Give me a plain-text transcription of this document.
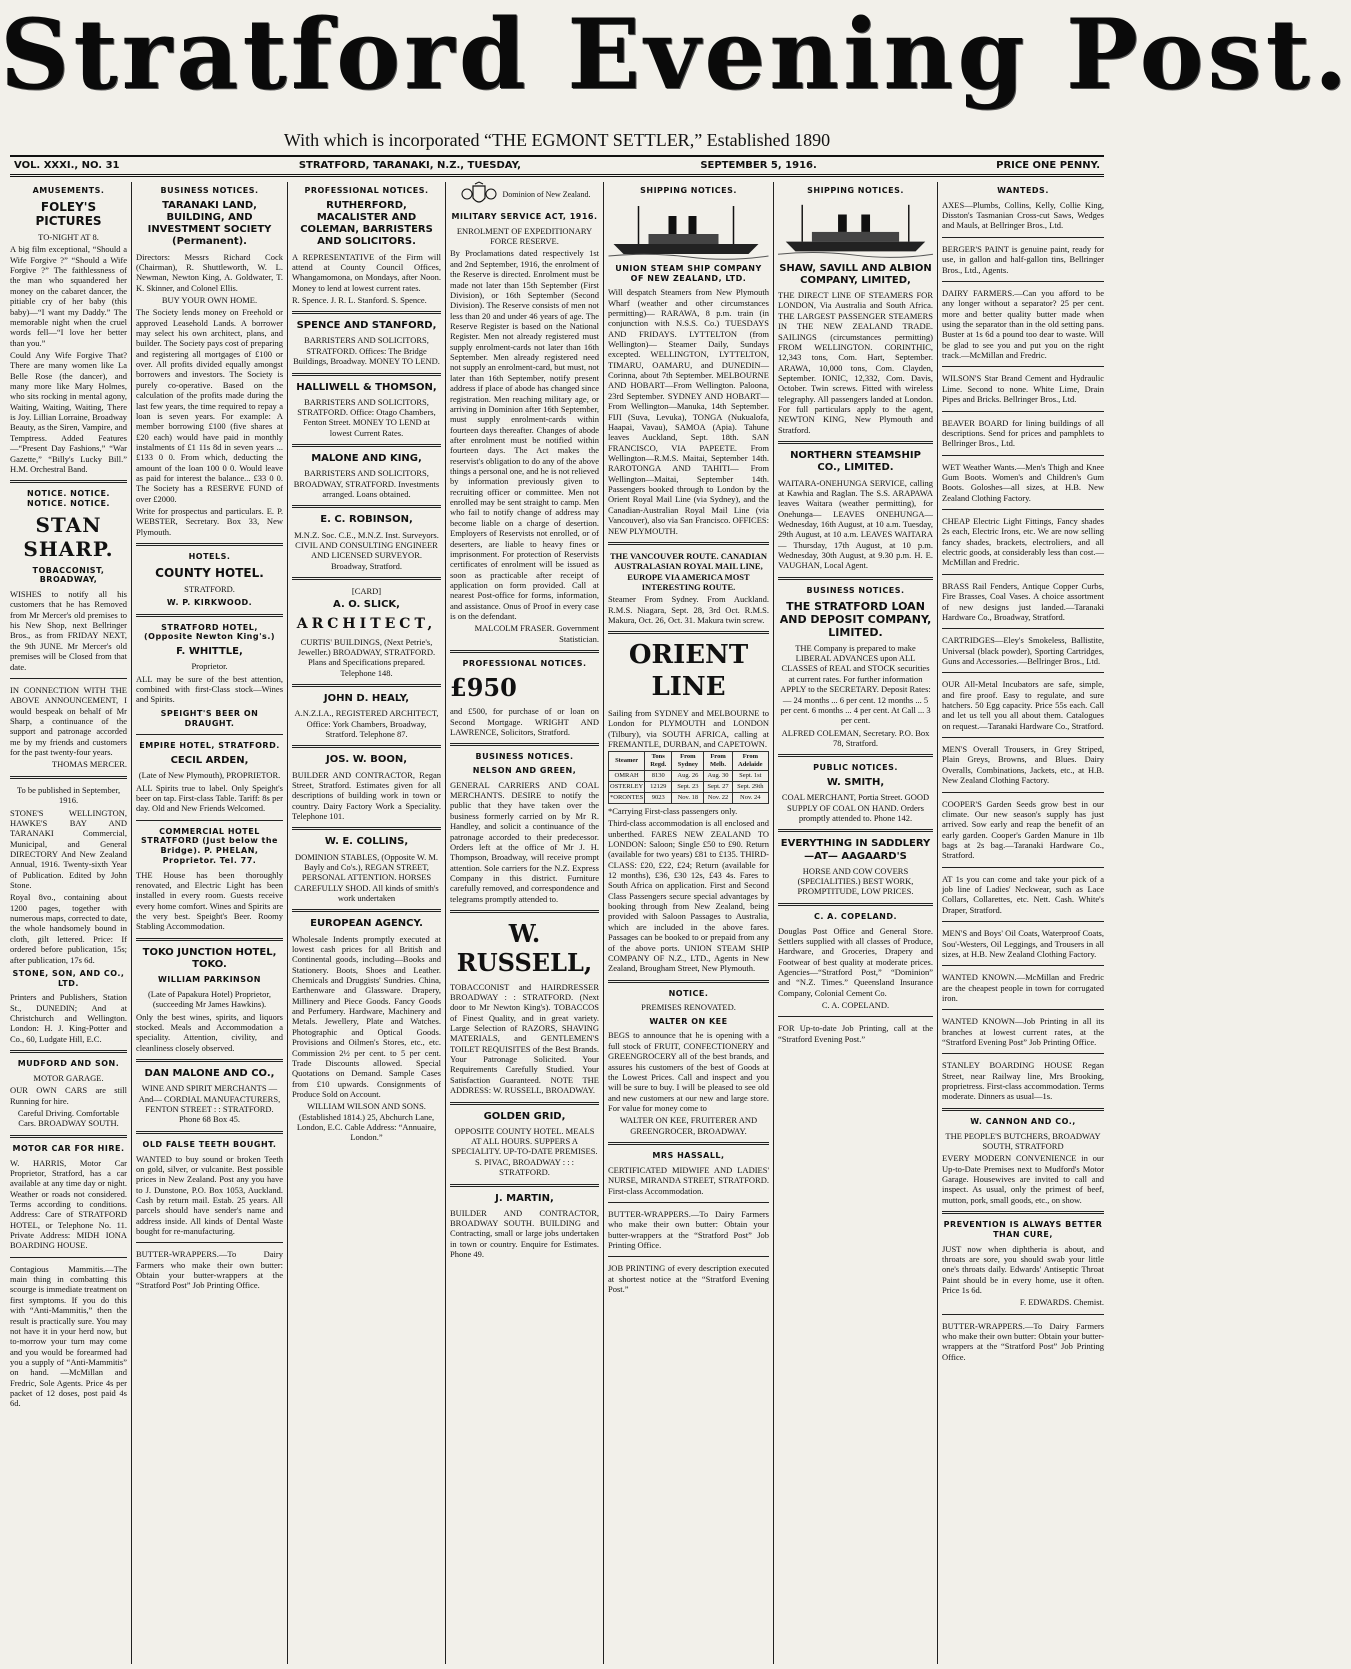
Stratford Evening Post.
With which is incorporated “THE EGMONT SETTLER,” Established 1890
VOL. XXXI., NO. 31	STRATFORD, TARANAKI, N.Z., TUESDAY,	SEPTEMBER 5, 1916.	PRICE ONE PENNY.
AMUSEMENTS.
FOLEY'S PICTURES

TO-NIGHT AT 8.

A big film exceptional, “Should a Wife Forgive ?” “Should a Wife Forgive ?” The faithlessness of the man who squandered her money on the cabaret dancer, the pitiable cry of her baby (this baby)—“I want my Daddy.” The memorable night when the cruel words fell—“I love her better than you.”

Could Any Wife Forgive That? There are many women like La Belle Rose (the dancer), and many more like Mary Holmes, who sits rocking in mental agony, Waiting, Waiting, Waiting, There is Joy. Lillian Lorraine, Broadway Beauty, as the Siren, Vampire, and Temptress. Added Features—“Present Day Fashions,” “War Gazette,” “Billy's Lucky Bill.” H.M. Orchestral Band.

NOTICE. NOTICE. NOTICE. NOTICE.
STAN SHARP.
TOBACCONIST, BROADWAY,

WISHES to notify all his customers that he has Removed from Mr Mercer's old premises to his New Shop, next Bellringer Bros., as from FRIDAY NEXT, the 9th JUNE. Mr Mercer's old premises will be Closed from that date.

IN CONNECTION WITH THE ABOVE ANNOUNCEMENT, I would bespeak on behalf of Mr Sharp, a continuance of the support and patronage accorded me by my friends and customers for the past twenty-four years.

THOMAS MERCER.

To be published in September, 1916.

STONE'S WELLINGTON, HAWKE'S BAY AND TARANAKI Commercial, Municipal, and General DIRECTORY And New Zealand Annual, 1916. Twenty-sixth Year of Publication. Edited by John Stone.

Royal 8vo., containing about 1200 pages, together with numerous maps, corrected to date, the whole handsomely bound in cloth, gilt lettered. Price: If ordered before publication, 15s; after publication, 17s 6d.

STONE, SON, AND CO., LTD.

Printers and Publishers, Station St., DUNEDIN; And at Christchurch and Wellington. London: H. J. King-Potter and Co., 60, Ludgate Hill, E.C.

MUDFORD AND SON.

MOTOR GARAGE.

OUR OWN CARS are still Running for hire.

Careful Driving. Comfortable Cars. BROADWAY SOUTH.

MOTOR CAR FOR HIRE.

W. HARRIS, Motor Car Proprietor, Stratford, has a car available at any time day or night. Weather or roads not considered. Terms according to conditions. Address: Care of STRATFORD HOTEL, or Telephone No. 11. Private Address: MIDH IONA BOARDING HOUSE.

Contagious Mammitis.—The main thing in combatting this scourge is immediate treatment on first symptoms. If you do this with “Anti-Mammitis,” then the result is practically sure. You may not have it in your herd now, but to-morrow your turn may come and you would be forearmed had you a supply of “Anti-Mammitis” on hand. —McMillan and Fredric, Sole Agents. Price 4s per packet of 12 doses, post paid 4s 6d.

BUSINESS NOTICES.
TARANAKI LAND, BUILDING, AND INVESTMENT SOCIETY (Permanent).

Directors: Messrs Richard Cock (Chairman), R. Shuttleworth, W. L. Newman, Newton King, A. Goldwater, T. K. Skinner, and Colonel Ellis.

BUY YOUR OWN HOME.

The Society lends money on Freehold or approved Leasehold Lands. A borrower may select his own architect, plans, and builder. The Society pays cost of preparing and registering all mortgages of £100 or over. All profits divided equally amongst borrowers and investors. The Society is purely co-operative. Based on the calculation of the profits made during the last few years, the time required to repay a loan is seven years. For example: A member borrowing £100 (five shares at £20 each) would have paid in monthly instalments of £1 11s 8d in seven years ... £133 0 0. From which, deducting the amount of the loan 100 0 0. Would leave as paid for interest the balance... £33 0 0. The Society has a RESERVE FUND of over £2000.

Write for prospectus and particulars. E. P. WEBSTER, Secretary. Box 33, New Plymouth.

HOTELS.
COUNTY HOTEL.

STRATFORD.

W. P. KIRKWOOD.
STRATFORD HOTEL, (Opposite Newton King's.)
F. WHITTLE,

Proprietor.

ALL may be sure of the best attention, combined with first-Class stock—Wines and Spirits.

SPEIGHT'S BEER ON DRAUGHT.
EMPIRE HOTEL, STRATFORD.
CECIL ARDEN,

(Late of New Plymouth), PROPRIETOR.

ALL Spirits true to label. Only Speight's beer on tap. First-class Table. Tariff: 8s per day. Old and New Friends Welcomed.

COMMERCIAL HOTEL STRATFORD (Just below the Bridge). P. PHELAN, Proprietor. Tel. 77.

THE House has been thoroughly renovated, and Electric Light has been installed in every room. Guests receive every home comfort. Wines and Spirits are the very best. Speight's Beer. Roomy Stabling Accommodation.

TOKO JUNCTION HOTEL, TOKO.
WILLIAM PARKINSON

(Late of Papakura Hotel) Proprietor, (succeeding Mr James Hawkins).

Only the best wines, spirits, and liquors stocked. Meals and Accommodation a speciality. Attention, civility, and cleanliness closely observed.

DAN MALONE AND CO.,

WINE AND SPIRIT MERCHANTS —And— CORDIAL MANUFACTURERS, FENTON STREET : : STRATFORD. Phone 68 Box 45.

OLD FALSE TEETH BOUGHT.

WANTED to buy sound or broken Teeth on gold, silver, or vulcanite. Best possible prices in New Zealand. Post any you have to J. Dunstone, P.O. Box 1053, Auckland. Cash by return mail. Estab. 25 years. All parcels should have sender's name and address inside. All kinds of Dental Waste bought for re-manufacturing.

BUTTER-WRAPPERS.—To Dairy Farmers who make their own butter: Obtain your butter-wrappers at the “Stratford Post” Job Printing Office.

PROFESSIONAL NOTICES.
RUTHERFORD, MACALISTER AND COLEMAN, BARRISTERS AND SOLICITORS.

A REPRESENTATIVE of the Firm will attend at County Council Offices, Whangamomona, on Mondays, after Noon. Money to lend at lowest current rates.

R. Spence. J. R. L. Stanford. S. Spence.

SPENCE AND STANFORD,

BARRISTERS AND SOLICITORS, STRATFORD. Offices: The Bridge Buildings, Broadway. MONEY TO LEND.

HALLIWELL & THOMSON,

BARRISTERS AND SOLICITORS, STRATFORD. Office: Otago Chambers, Fenton Street. MONEY TO LEND at lowest Current Rates.

MALONE AND KING,

BARRISTERS AND SOLICITORS, BROADWAY, STRATFORD. Investments arranged. Loans obtained.

E. C. ROBINSON,

M.N.Z. Soc. C.E., M.N.Z. Inst. Surveyors. CIVIL AND CONSULTING ENGINEER AND LICENSED SURVEYOR. Broadway, Stratford.

[CARD]

A. O. SLICK,
ARCHITECT,

CURTIS' BUILDINGS, (Next Petrie's, Jeweller.) BROADWAY, STRATFORD. Plans and Specifications prepared. Telephone 148.

JOHN D. HEALY,

A.N.Z.I.A., REGISTERED ARCHITECT, Office: York Chambers, Broadway, Stratford. Telephone 87.

JOS. W. BOON,

BUILDER AND CONTRACTOR, Regan Street, Stratford. Estimates given for all descriptions of building work in town or country. Dairy Factory Work a Speciality. Telephone 101.

W. E. COLLINS,

DOMINION STABLES, (Opposite W. M. Bayly and Co's.), REGAN STREET, PERSONAL ATTENTION. HORSES CAREFULLY SHOD. All kinds of smith's work undertaken

EUROPEAN AGENCY.

Wholesale Indents promptly executed at lowest cash prices for all British and Continental goods, including—Books and Stationery. Boots, Shoes and Leather. Chemicals and Druggists' Sundries. China, Earthenware and Glassware. Drapery, Millinery and Piece Goods. Fancy Goods and Perfumery. Hardware, Machinery and Metals. Jewellery, Plate and Watches. Photographic and Optical Goods. Provisions and Oilmen's Stores, etc., etc. Commission 2½ per cent. to 5 per cent. Trade Discounts allowed. Special Quotations on Demand. Sample Cases from £10 upwards. Consignments of Produce Sold on Account.

WILLIAM WILSON AND SONS. (Established 1814.) 25, Abchurch Lane, London, E.C. Cable Address: “Annuaire, London.”

Dominion of New Zealand.
MILITARY SERVICE ACT, 1916.

ENROLMENT OF EXPEDITIONARY FORCE RESERVE.

By Proclamations dated respectively 1st and 2nd September, 1916, the enrolment of the Reserve is directed. Enrolment must be made not later than 15th September (First Division), or 16th September (Second Division). The Reserve consists of men not less than 20 and under 46 years of age. The Reserve Register is based on the National Register. Men not already registered must supply enrolment-cards not later than 16th September. Men already registered need not supply an enrolment-card, but must, not later than 16th September, notify present address if place of abode has changed since registration. Men reaching military age, or arriving in Dominion after 16th September, must supply enrolment-cards within fourteen days thereafter. Changes of abode after enrolment must be notified within fourteen days. The Act makes the reservist's obligation to do any of the above things a personal one, and he is not relieved by information previously given to recruiting officer or committee. Men not enrolled may be sent straight to camp. Men who fail to notify change of address may become liable on a charge of desertion. Employers of Reservists not enrolled, or of deserters, are liable to heavy fines or imprisonment. For protection of Reservists certificates of enrolment will be issued as soon as practicable after receipt of application on form provided. Call at nearest Post-office for forms, information, and assistance. Onus of Proof in every case is on the defendant.

MALCOLM FRASER. Government Statistician.

PROFESSIONAL NOTICES.
£950

and £500, for purchase of or loan on Second Mortgage. WRIGHT AND LAWRENCE, Solicitors, Stratford.

BUSINESS NOTICES.
NELSON AND GREEN,

GENERAL CARRIERS AND COAL MERCHANTS. DESIRE to notify the public that they have taken over the business formerly carried on by Mr R. Handley, and solicit a continuance of the patronage accorded to their predecessor. Orders left at the office of Mr J. H. Thompson, Broadway, will receive prompt attention. Sole carriers for the N.Z. Express Company in this district. Furniture carefully removed, and correspondence and telegrams promptly attended to.

W. RUSSELL,

TOBACCONIST and HAIRDRESSER BROADWAY : : STRATFORD. (Next door to Mr Newton King's). TOBACCOS of Finest Quality, and in great variety. Large Selection of RAZORS, SHAVING MATERIALS, and GENTLEMEN'S TOILET REQUISITES of the Best Brands. Your Patronage Solicited. Your Requirements Carefully Studied. Your Satisfaction Guaranteed. NOTE THE ADDRESS: W. RUSSELL, BROADWAY.

GOLDEN GRID,

OPPOSITE COUNTY HOTEL. MEALS AT ALL HOURS. SUPPERS A SPECIALITY. UP-TO-DATE PREMISES. S. PIVAC, BROADWAY : : : STRATFORD.

J. MARTIN,

BUILDER AND CONTRACTOR, BROADWAY SOUTH. BUILDING and Contracting, small or large jobs undertaken in town or country. Enquire for Estimates. Phone 49.

SHIPPING NOTICES.
UNION STEAM SHIP COMPANY OF NEW ZEALAND, LTD.

Will despatch Steamers from New Plymouth Wharf (weather and other circumstances permitting)— RARAWA, 8 p.m. train (in conjunction with N.S.S. Co.) TUESDAYS AND FRIDAYS. LYTTELTON (from Wellington)— Steamer Daily, Sundays excepted. WELLINGTON, LYTTELTON, TIMARU, OAMARU, and DUNEDIN— Corinna, about 7th September. MELBOURNE AND HOBART—From Wellington. Paloona, 23rd September. SYDNEY AND HOBART— From Wellington—Manuka, 14th September. FIJI (Suva, Levuka), TONGA (Nukualofa, Haapai, Vavau), SAMOA (Apia). Tahune leaves Auckland, Sept. 18th. SAN FRANCISCO, VIA PAPEETE. From Wellington—R.M.S. Maitai, September 14th. RAROTONGA AND TAHITI— From Wellington—Maitai, September 14th. Passengers booked through to London by the Orient Royal Mail Line (via Sydney), and the Canadian-Australian Royal Mail Line (via Vancouver), also via San Francisco. OFFICES: NEW PLYMOUTH.

THE VANCOUVER ROUTE. CANADIAN AUSTRALASIAN ROYAL MAIL LINE, EUROPE VIA AMERICA MOST INTERESTING ROUTE.

Steamer From Sydney. From Auckland. R.M.S. Niagara, Sept. 28, 3rd Oct. R.M.S. Makura, Oct. 26, Oct. 31. Makura twin screw.

ORIENT LINE

Sailing from SYDNEY and MELBOURNE to London for PLYMOUTH and LONDON (Tilbury), via SOUTH AFRICA, calling at FREMANTLE, DURBAN, and CAPETOWN.

Steamer	Tons Regd.	From Sydney	From Melb.	From Adelaide
OMRAH	8130	Aug. 26	Aug. 30	Sept. 1st
OSTERLEY	12129	Sept. 23	Sept. 27	Sept. 29th
*ORONTES	9023	Nov. 18	Nov. 22	Nov. 24

*Carrying First-class passengers only.

Third-class accommodation is all enclosed and unberthed. FARES NEW ZEALAND TO LONDON: Saloon; Single £50 to £90. Return (available for two years) £81 to £135. THIRD-CLASS: £20, £22, £24; Return (available for 12 months), £36, £30 12s, £43 4s. Fares to South Africa on application. First and Second Class Passengers secure special advantages by booking through from New Zealand, being provided with Saloon Passages to Australia, which are included in the above fares. Passages can be booked to or prepaid from any of the above ports. UNION STEAM SHIP COMPANY OF N.Z., LTD., Agents in New Zealand, Brougham Street, New Plymouth.

NOTICE.

PREMISES RENOVATED.

WALTER ON KEE

BEGS to announce that he is opening with a full stock of FRUIT, CONFECTIONERY and GREENGROCERY all of the best brands, and assures his customers of the best of Goods at the Lowest Prices. Call and inspect and you will be sure to buy. I will be pleased to see old and new customers at our new and large store. For value for money come to

WALTER ON KEE, FRUITERER AND GREENGROCER, BROADWAY.

MRS HASSALL,

CERTIFICATED MIDWIFE AND LADIES' NURSE, MIRANDA STREET, STRATFORD. First-class Accommodation.

BUTTER-WRAPPERS.—To Dairy Farmers who make their own butter: Obtain your butter-wrappers at the “Stratford Post” Job Printing Office.

JOB PRINTING of every description executed at shortest notice at the “Stratford Evening Post.”

SHIPPING NOTICES.
SHAW, SAVILL AND ALBION COMPANY, LIMITED,

THE DIRECT LINE OF STEAMERS FOR LONDON, Via Australia and South Africa. THE LARGEST PASSENGER STEAMERS IN THE NEW ZEALAND TRADE. SAILINGS (circumstances permitting) FROM WELLINGTON. CORINTHIC, 12,343 tons, Com. Hart, September. ARAWA, 10,000 tons, Com. Clayden, September. IONIC, 12,332, Com. Davis, October. Twin screws. Fitted with wireless telegraphy. All passengers landed at London. For full particulars apply to the agent, NEWTON KING, New Plymouth and Stratford.

NORTHERN STEAMSHIP CO., LIMITED.

WAITARA-ONEHUNGA SERVICE, calling at Kawhia and Raglan. The S.S. ARAPAWA leaves Waitara (weather permitting), for Onehunga— LEAVES ONEHUNGA— Wednesday, 16th August, at 10 a.m. Tuesday, 29th August, at 10 a.m. LEAVES WAITARA— Thursday, 17th August, at 10 p.m. Wednesday, 30th August, at 9.30 p.m. H. E. VAUGHAN, Local Agent.

BUSINESS NOTICES.
THE STRATFORD LOAN AND DEPOSIT COMPANY, LIMITED.

THE Company is prepared to make LIBERAL ADVANCES upon ALL CLASSES of REAL and STOCK securities at current rates. For further information APPLY to the SECRETARY. Deposit Rates:— 24 months ... 6 per cent. 12 months ... 5 per cent. 6 months ... 4 per cent. At Call ... 3 per cent.

ALFRED COLEMAN, Secretary. P.O. Box 78, Stratford.

PUBLIC NOTICES.
W. SMITH,

COAL MERCHANT, Portia Street. GOOD SUPPLY OF COAL ON HAND. Orders promptly attended to. Phone 142.

EVERYTHING IN SADDLERY —AT— AAGAARD'S

HORSE AND COW COVERS (SPECIALITIES.) BEST WORK, PROMPTITUDE, LOW PRICES.

C. A. COPELAND.

Douglas Post Office and General Store. Settlers supplied with all classes of Produce, Hardware, and Groceries, Drapery and Footwear of best quality at moderate prices. Agencies—“Stratford Post,” “Dominion” and “N.Z. Times.” Queensland Insurance Company, Colonial Cement Co.

C. A. COPELAND.

FOR Up-to-date Job Printing, call at the “Stratford Evening Post.”

WANTEDS.

AXES—Plumbs, Collins, Kelly, Collie King, Disston's Tasmanian Cross-cut Saws, Wedges and Mauls, at Bellringer Bros., Ltd.

BERGER'S PAINT is genuine paint, ready for use, in gallon and half-gallon tins, Bellringer Bros., Ltd., Agents.

DAIRY FARMERS.—Can you afford to be any longer without a separator? 25 per cent. more and better quality butter made when using the separator than in the old setting pans. Buster at 1s 6d a pound too dear to waste. Will be glad to see you and put you on the right track.—McMillan and Fredric.

WILSON'S Star Brand Cement and Hydraulic Lime. Second to none. White Lime, Drain Pipes and Bricks. Bellringer Bros., Ltd.

BEAVER BOARD for lining buildings of all descriptions. Send for prices and pamphlets to Bellringer Bros., Ltd.

WET Weather Wants.—Men's Thigh and Knee Gum Boots. Women's and Children's Gum Boots. Goloshes—all sizes, at H.B. New Zealand Clothing Factory.

CHEAP Electric Light Fittings, Fancy shades 2s each, Electric Irons, etc. We are now selling fancy shades, brackets, electroliers, and all electric goods, at considerably less than cost.—McMillan and Fredric.

BRASS Rail Fenders, Antique Copper Curbs, Fire Brasses, Coal Vases. A choice assortment of new designs just landed.—Taranaki Hardware Co., Broadway, Stratford.

CARTRIDGES—Eley's Smokeless, Ballistite, Universal (black powder), Sporting Cartridges, Guns and Accessories.—Bellringer Bros., Ltd.

OUR All-Metal Incubators are safe, simple, and fire proof. Easy to regulate, and sure hatchers. 50 Egg capacity. Price 55s each. Call and let us tell you all about them. Catalogues on request.—Taranaki Hardware Co., Stratford.

MEN'S Overall Trousers, in Grey Striped, Plain Greys, Browns, and Blues. Dairy Overalls, Combinations, Jackets, etc., at H.B. New Zealand Clothing Factory.

COOPER'S Garden Seeds grow best in our climate. Our new season's supply has just arrived. Sow early and reap the benefit of an early garden. Cooper's Garden Manure in 1lb bags at 2s bag.—Taranaki Hardware Co., Stratford.

AT 1s you can come and take your pick of a job line of Ladies' Neckwear, such as Lace Collars, Collarettes, etc. Nett. Cash. White's Draper, Stratford.

MEN'S and Boys' Oil Coats, Waterproof Coats, Sou'-Westers, Oil Leggings, and Trousers in all sizes, at H.B. New Zealand Clothing Factory.

WANTED KNOWN.—McMillan and Fredric are the cheapest people in town for corrugated iron.

WANTED KNOWN—Job Printing in all its branches at lowest current rates, at the “Stratford Evening Post” Job Printing Office.

STANLEY BOARDING HOUSE Regan Street, near Railway line, Mrs Brooking, proprietress. First-class accommodation. Terms moderate. Dinners as usual—1s.

W. CANNON AND CO.,

THE PEOPLE'S BUTCHERS, BROADWAY SOUTH, STRATFORD

EVERY MODERN CONVENIENCE in our Up-to-Date Premises next to Mudford's Motor Garage. Housewives are invited to call and inspect. As usual, only the primest of beef, mutton, pork, small goods, etc., on show.

PREVENTION IS ALWAYS BETTER THAN CURE,

JUST now when diphtheria is about, and throats are sore, you should swab your little one's throats daily. Edwards' Antiseptic Throat Paint should be in every home, use it often. Price 1s 6d.

F. EDWARDS. Chemist.

BUTTER-WRAPPERS.—To Dairy Farmers who make their own butter: Obtain your butter-wrappers at the “Stratford Post” Job Printing Office.
